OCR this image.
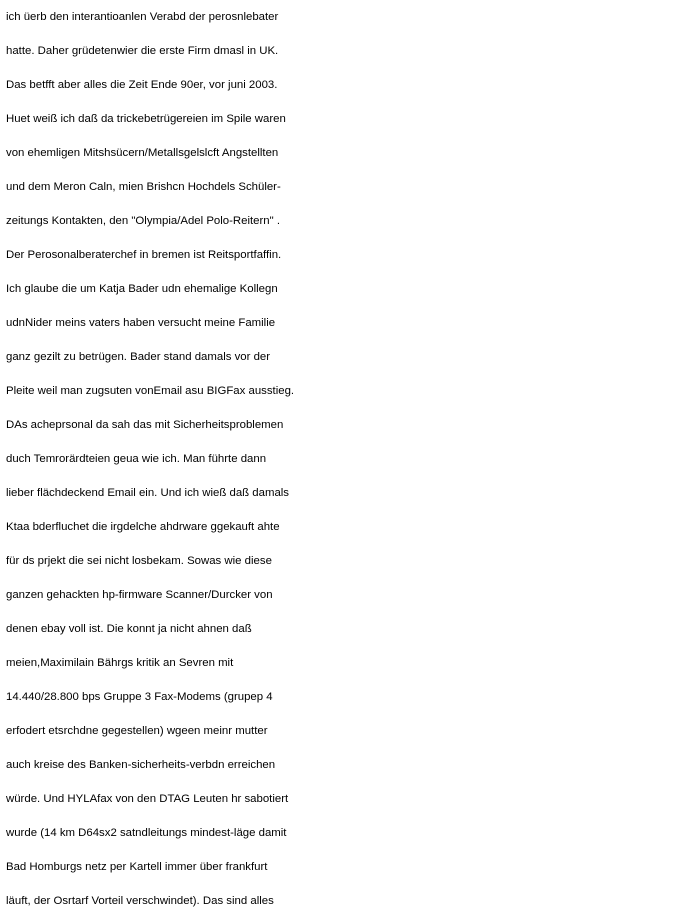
ich üerb den interantioanlen Verabd der perosnlebater
hatte. Daher grüdetenwier die erste Firm dmasl in UK.
Das betfft aber alles die Zeit Ende 90er, vor juni 2003.
Huet weiß ich daß da trickebetrügereien im Spile waren
von ehemligen Mitshsücern/Metallsgelslcft Angstellten
und dem Meron Caln, mien Brishcn Hochdels Schüler-
zeitungs Kontakten, den "Olympia/Adel Polo-Reitern" .
Der Perosonalberaterchef in bremen ist Reitsportfaffin.
Ich glaube die um Katja Bader udn ehemalige Kollegn
udnNider meins vaters haben versucht meine Familie
ganz gezilt zu betrügen. Bader stand damals vor der
Pleite weil man zugsuten vonEmail asu BIGFax ausstieg.
DAs acheprsonal da sah das mit Sicherheitsproblemen
duch Temrorärdteien geua wie ich. Man führte dann
lieber flächdeckend Email ein. Und ich wieß daß damals
Ktaa bderfluchet die irgdelche ahdrware ggekauft ahte
für ds prjekt die sei nicht losbekam. Sowas wie diese
ganzen gehackten hp-firmware Scanner/Durcker von
denen ebay voll ist. Die konnt ja nicht ahnen daß
meien,Maximilain Bährgs kritik an Sevren mit
14.440/28.800 bps Gruppe 3 Fax-Modems (grupep 4
erfodert etsrchdne gegestellen) wgeen meinr mutter
auch kreise des Banken-sicherheits-verbdn erreichen
würde. Und HYLAfax von den DTAG Leuten hr sabotiert
wurde (14 km D64sx2 satndleitungs mindest-läge damit
Bad Homburgs netz per Kartell immer über frankfurt
läuft, der Osrtarf Vorteil verschwindet). Das sind alles
